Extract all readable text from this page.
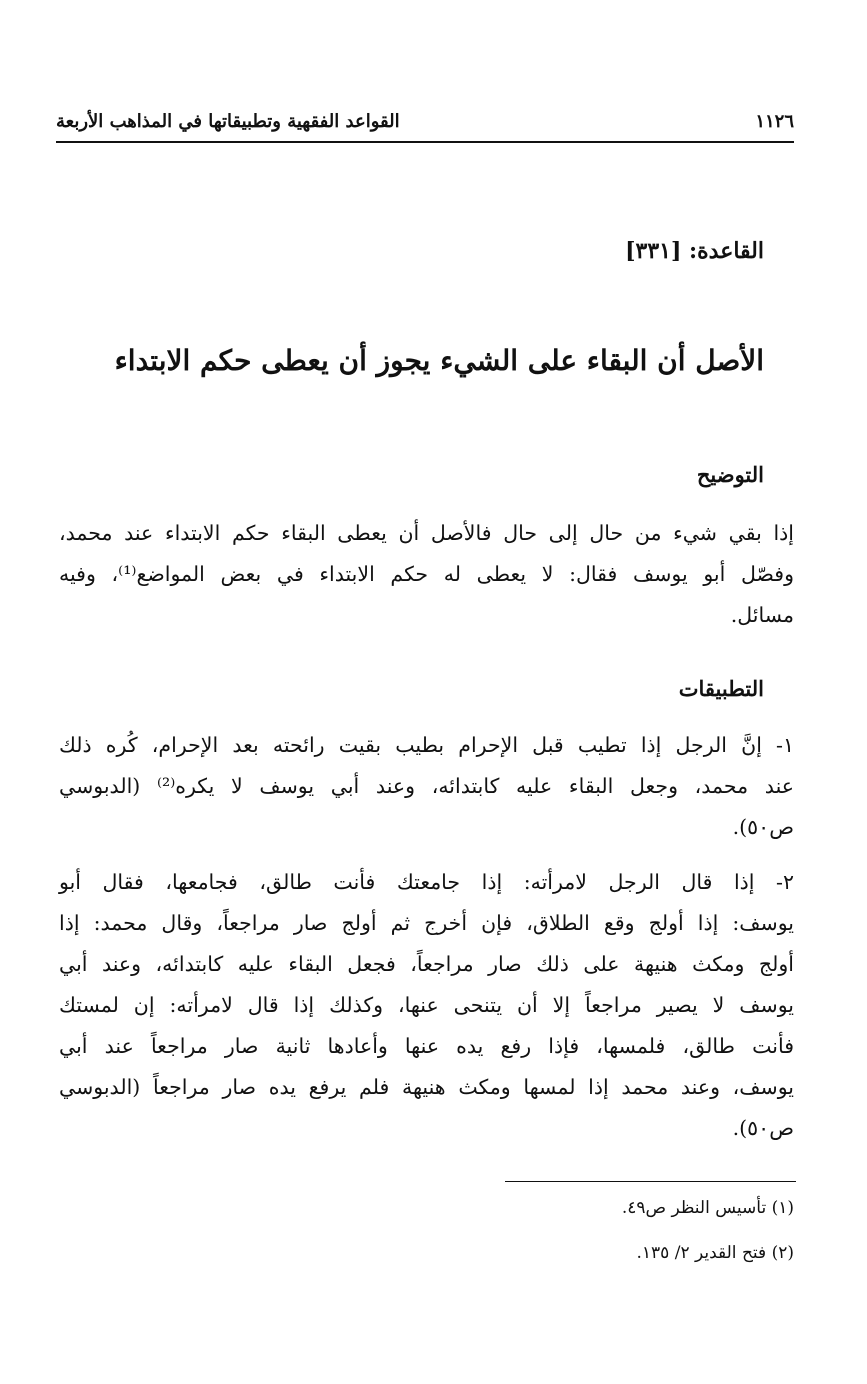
١١٢٦
القواعد الفقهية وتطبيقاتها في المذاهب الأربعة
القاعدة: [٣٣١]
الأصل أن البقاء على الشيء يجوز أن يعطى حكم الابتداء
التوضيح
إذا بقي شيء من حال إلى حال فالأصل أن يعطى البقاء حكم الابتداء عند محمد،
وفصّل أبو يوسف فقال: لا يعطى له حكم الابتداء في بعض المواضع⁽¹⁾، وفيه
مسائل.
التطبيقات
١- إنَّ الرجل إذا تطيب قبل الإحرام بطيب بقيت رائحته بعد الإحرام، كُره ذلك
عند محمد، وجعل البقاء عليه كابتدائه، وعند أبي يوسف لا يكره⁽²⁾ (الدبوسي
ص٥٠).
٢- إذا قال الرجل لامرأته: إذا جامعتك فأنت طالق، فجامعها، فقال أبو
يوسف: إذا أولج وقع الطلاق، فإن أخرج ثم أولج صار مراجعاً، وقال محمد: إذا
أولج ومكث هنيهة على ذلك صار مراجعاً، فجعل البقاء عليه كابتدائه، وعند أبي
يوسف لا يصير مراجعاً إلا أن يتنحى عنها، وكذلك إذا قال لامرأته: إن لمستك
فأنت طالق، فلمسها، فإذا رفع يده عنها وأعادها ثانية صار مراجعاً عند أبي
يوسف، وعند محمد إذا لمسها ومكث هنيهة فلم يرفع يده صار مراجعاً (الدبوسي
ص٥٠).
(١) تأسيس النظر ص٤٩.
(٢) فتح القدير ٢/ ١٣٥.
